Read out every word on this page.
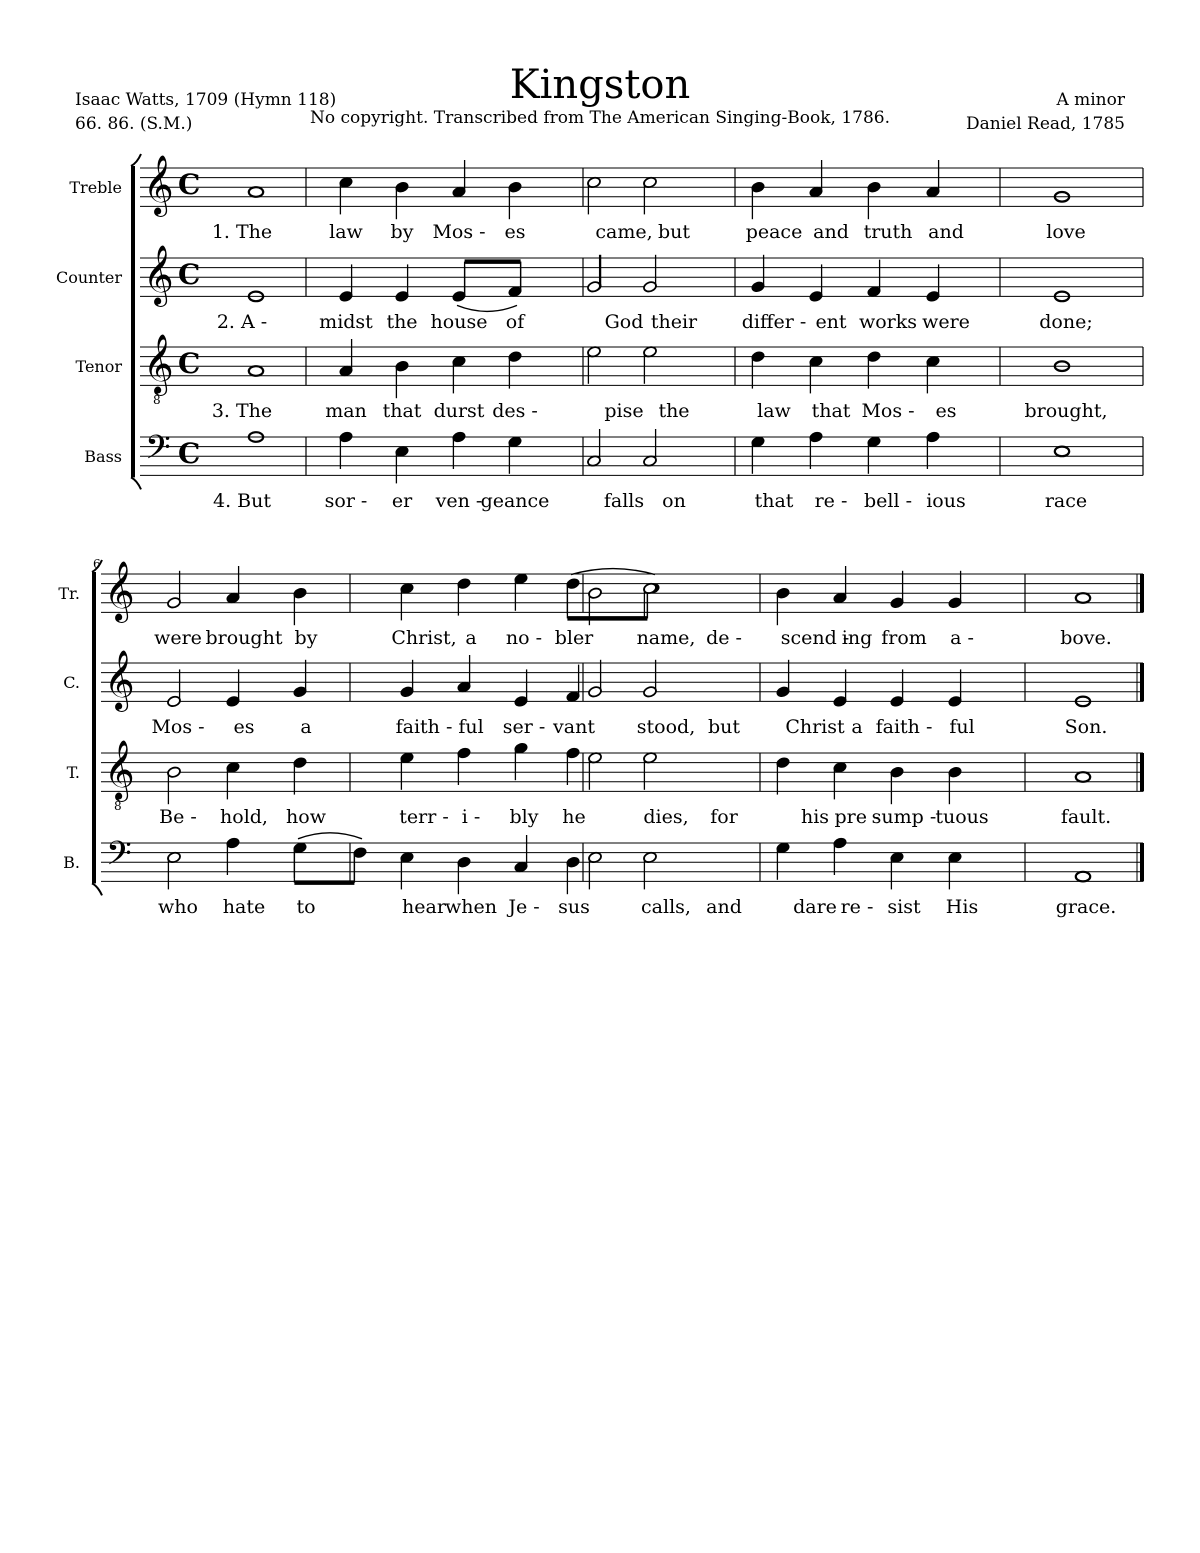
Kingston
Isaac Watts, 1709 (Hymn 118)
66. 86. (S.M.)	No copyright. Transcribed from The American Singing-Book, 1786.
A minor
Daniel Read, 1785
Treble 𝄞 C
1. The	law by Mos - es	came, but	peace and truth and	love
Counter 𝄞 C
2. A -	midst the house of	God their differ - ent works were	done;
Tenor 𝄞
8
C
3. The	man that durst des -	pise the	law that Mos - es	brought,
Bass 𝄢 C
4. But	sor - er ven -
geance	falls on	that re - bell - ious	race
6
Tr. 𝄞
were brought by	Christ, a no - bler name, de - scend -
ing from a -	bove.
C. 𝄞
Mos - es a	faith - ful ser - vant stood, but Christ a faith - ful	Son.
T. 𝄞
8 Be - hold, how	terr - i - bly he	dies, for	his pre -
sump - tuous	fault.
B. 𝄢
who hate to	hear when Je - sus	calls, and	dare re - sist His	grace.
